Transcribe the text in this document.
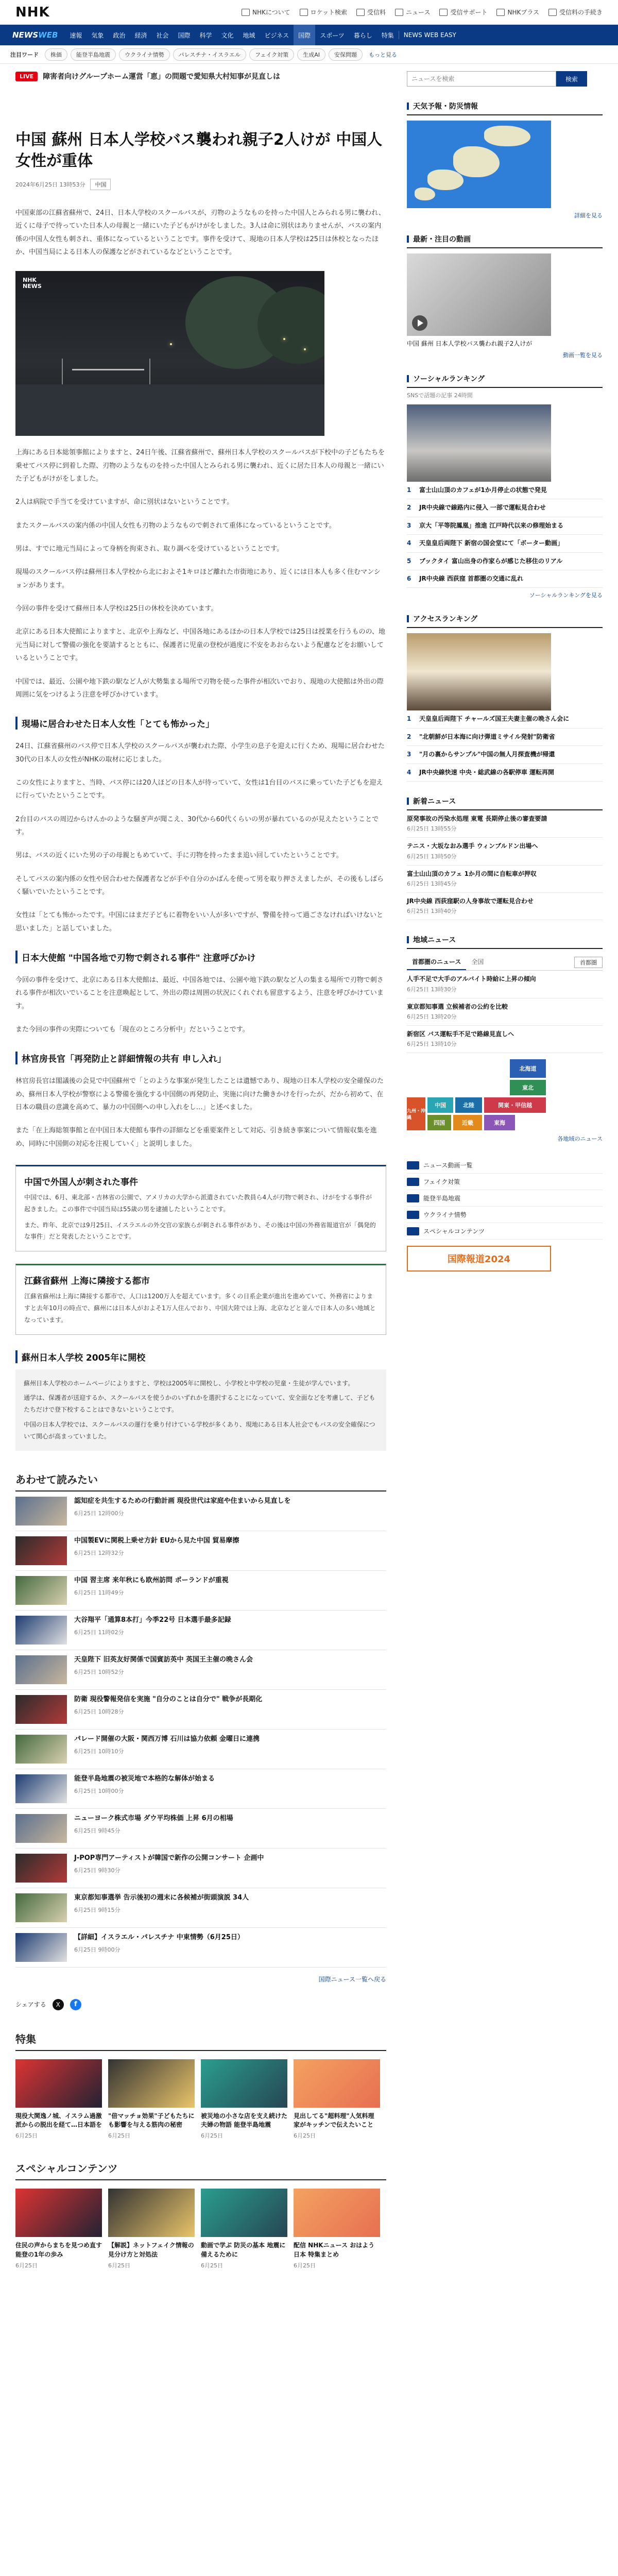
NHK	NHKについて	ロケット検索	受信料	ニュース	受信サポート	NHKプラス	受信料の手続き
NEWSWEB	速報	気象	政治	経済	社会	国際	科学	文化	地域	ビジネス	国際	スポーツ	暮らし	特集	NEWS WEB EASY
注目ワード	株価	能登半島地震	ウクライナ情勢	パレスチナ・イスラエル	フェイク対策	生成AI	安保問題	もっと見る
LIVE	障害者向けグループホーム運営「恵」の問題で愛知県大村知事が見直しは
中国 蘇州 日本人学校バス襲われ親子2人けが 中国人女性が重体
2024年6月25日 13時53分	中国

中国東部の江蘇省蘇州で、24日、日本人学校のスクールバスが、刃物のようなものを持った中国人とみられる男に襲われ、近くに母子で待っていた日本人の母親と一緒にいた子どもがけがをしました。3人は命に別状はありませんが、バスの案内係の中国人女性も刺され、重体になっているということです。事件を受けて、現地の日本人学校は25日は休校となったほか、中国当局による日本人の保護などがされているなどということです。

NHK
NEWS

上海にある日本総領事館によりますと、24日午後、江蘇省蘇州で、蘇州日本人学校のスクールバスが下校中の子どもたちを乗せてバス停に到着した際、刃物のようなものを持った中国人とみられる男に襲われ、近くに居た日本人の母親と一緒にいた子どもがけがをしました。

2人は病院で手当てを受けていますが、命に別状はないということです。

またスクールバスの案内係の中国人女性も刃物のようなもので刺されて重体になっているということです。

男は、すでに地元当局によって身柄を拘束され、取り調べを受けているということです。

現場のスクールバス停は蘇州日本人学校から北におよそ1キロほど離れた市街地にあり、近くには日本人も多く住むマンションがあります。

今回の事件を受けて蘇州日本人学校は25日の休校を決めています。

北京にある日本大使館によりますと、北京や上海など、中国各地にあるほかの日本人学校では25日は授業を行うものの、地元当局に対して警備の強化を要請するとともに、保護者に児童の登校が過度に不安をあおらないよう配慮などをお願いしているということです。

中国では、最近、公園や地下鉄の駅など人が大勢集まる場所で刃物を使った事件が相次いでおり、現地の大使館は外出の際周囲に気をつけるよう注意を呼びかけています。

現場に居合わせた日本人女性「とても怖かった」

24日、江蘇省蘇州のバス停で日本人学校のスクールバスが襲われた際、小学生の息子を迎えに行くため、現場に居合わせた30代の日本人の女性がNHKの取材に応じました。

この女性によりますと、当時、バス停には20人ほどの日本人が待っていて、女性は1台目のバスに乗っていた子どもを迎えに行っていたということです。

2台目のバスの周辺からけんかのような騒ぎ声が聞こえ、30代から60代くらいの男が暴れているのが見えたということです。

男は、バスの近くにいた男の子の母親ともめていて、手に刃物を持ったまま追い回していたということです。

そしてバスの案内係の女性や居合わせた保護者などが手や自分のかばんを使って男を取り押さえましたが、その後もしばらく騒いでいたということです。

女性は「とても怖かったです。中国にはまだ子どもに着物をいい人が多いですが、警備を持って過ごさなければいけないと思いました」と話していました。

日本大使館 "中国各地で刃物で刺される事件" 注意呼びかけ

今回の事件を受けて、北京にある日本大使館は、最近、中国各地では、公園や地下鉄の駅など人の集まる場所で刃物で刺される事件が相次いでいることを注意喚起として、外出の際は周囲の状況にくれぐれも留意するよう、注意を呼びかけています。

また今回の事件の実際についても「現在のところ分析中」だということです。

林官房長官「再発防止と詳細情報の共有 申し入れ」

林官房長官は閣議後の会見で中国蘇州で「とのような事案が発生したことは遺憾であり、現地の日本人学校の安全確保のため、蘇州日本人学校が警察による警備を強化する中国側の再発防止、実施に向けた働きかけを行ったが、だから初めて、在日本の職員の意識を高めて、暴力の中国側への申し入れをし…」と述べました。

また「在上海総領事館と在中国日本大使館も事件の詳細などを重要案件として対応、引き続き事案について情報収集を進め、同時に中国側の対応を注視していく」と説明しました。

中国で外国人が刺された事件

中国では、6月、東北部・吉林省の公園で、アメリカの大学から派遣されていた教員ら4人が刃物で刺され、けがをする事件が起きました。この事件で中国当局は55歳の男を逮捕したということです。

また、昨年、北京では9月25日、イスラエルの外交官の家族らが刺される事件があり、その後は中国の外務省報道官が「偶発的な事件」だと発表したということです。

江蘇省蘇州 上海に隣接する都市

江蘇省蘇州は上海に隣接する都市で、人口は1200万人を超えています。多くの日系企業が進出を進めていて、外務省によりますと去年10月の時点で、蘇州には日本人がおよそ1万人住んでおり、中国大陸では上海、北京などと並んで日本人の多い地域となっています。

蘇州日本人学校 2005年に開校

蘇州日本人学校のホームページによりますと、学校は2005年に開校し、小学校と中学校の児童・生徒が学んでいます。

通学は、保護者が送迎するか、スクールバスを使うかのいずれかを選択することになっていて、安全面などを考慮して、子どもたちだけで登下校することはできないということです。

中国の日本人学校では、スクールバスの運行を乗り付けている学校が多くあり、現地にある日本人社会でもバスの安全確保について関心が高まっていました。

あわせて読みたい
認知症を共生するための行動計画 現役世代は家庭や住まいから見直しを
6月25日 12時00分
中国製EVに関税上乗せ方針 EUから見た中国 貿易摩擦
6月25日 12時32分
中国 習主席 来年秋にも欧州訪問 ポーランドが重視
6月25日 11時49分
大谷翔平「通算8本打」今季22号 日本選手最多記録
6月25日 11時02分
天皇陛下 旧英友好関係で国賓訪英中 英国王主催の晩さん会
6月25日 10時52分
防衛 現役警報発信を実施 "自分のことは自分で" 戦争が長期化
6月25日 10時28分
パレード開催の大阪・関西万博 石川は協力依頼 金曜日に連携
6月25日 10時10分
能登半島地震の被災地で本格的な解体が始まる
6月25日 10時00分
ニューヨーク株式市場 ダウ平均株価 上昇 6月の相場
6月25日 9時45分
J-POP専門アーティストが韓国で新作の公開コンサート 企画中
6月25日 9時30分
東京都知事選挙 告示後初の週末に各候補が街頭演説 34人
6月25日 9時15分
【詳細】イスラエル・パレスチナ 中東情勢（6月25日）
6月25日 9時00分
国際ニュース一覧へ戻る
シェアする	X	f
特集
現役大関逸ノ城、イスラム過激派からの脱出を経て…日本語を
6月25日
"倍マッチョ効果"子どもたちにも影響を与える筋肉の秘密
6月25日
被災地の小さな店を支え続けた夫婦の物語 能登半島地震
6月25日
見出してる"超料理"人気料理家がキッチンで伝えたいこと
6月25日
スペシャルコンテンツ
住民の声からまちを見つめ直す 能登の1年の歩み
6月25日
【解説】ネットフェイク情報の見分け方と対処法
6月25日
動画で学ぶ 防災の基本 地震に備えるために
6月25日
配信 NHKニュース おはよう日本 特集まとめ
6月25日
ニュースを検索
検索
天気予報・防災情報
詳細を見る
最新・注目の動画
中国 蘇州 日本人学校バス襲われ親子2人けが
動画一覧を見る
ソーシャルランキング
SNSで話題の記事 24時間
1	富士山山頂のカフェが1か月停止の状態で発見
2	JR中央線で線路内に侵入 一部で運転見合わせ
3	京大「平等院鳳凰」推進 江戸時代以来の修理始まる
4	天皇皇后両陛下 新宿の国会堂にて「ボーター動画」
5	ブックタイ 富山出身の作家らが感じた移住のリアル
6	JR中央線 西荻窪 首都圏の交通に乱れ
ソーシャルランキングを見る
アクセスランキング
1	天皇皇后両陛下 チャールズ国王夫妻主催の晩さん会に
2	"北朝鮮が日本海に向け弾道ミサイル発射"防衛省
3	"月の裏からサンプル"中国の無人月探査機が帰還
4	JR中央線快速 中央・総武線の各駅停車 運転再開
新着ニュース
原発事故の汚染水処理 東電 長期停止後の審査要請
6月25日 13時55分
テニス・大坂なおみ選手 ウィンブルドン出場へ
6月25日 13時50分
富士山山頂のカフェ 1か月の間に自転車が押収
6月25日 13時45分
JR中央線 西荻窪駅の人身事故で運転見合わせ
6月25日 13時40分
地域ニュース
首都圏のニュース	全国	首都圏
人手不足で大手のアルバイト時給に上昇の傾向
6月25日 13時30分
東京都知事選 立候補者の公約を比較
6月25日 13時20分
新宿区 バス運転手不足で路線見直しへ
6月25日 13時10分
北海道
東北
関東・甲信越
東海
近畿
中国
四国
九州・沖縄
北陸
各地域のニュース
ニュース動画一覧
フェイク対策
能登半島地震
ウクライナ情勢
スペシャルコンテンツ
国際報道2024
